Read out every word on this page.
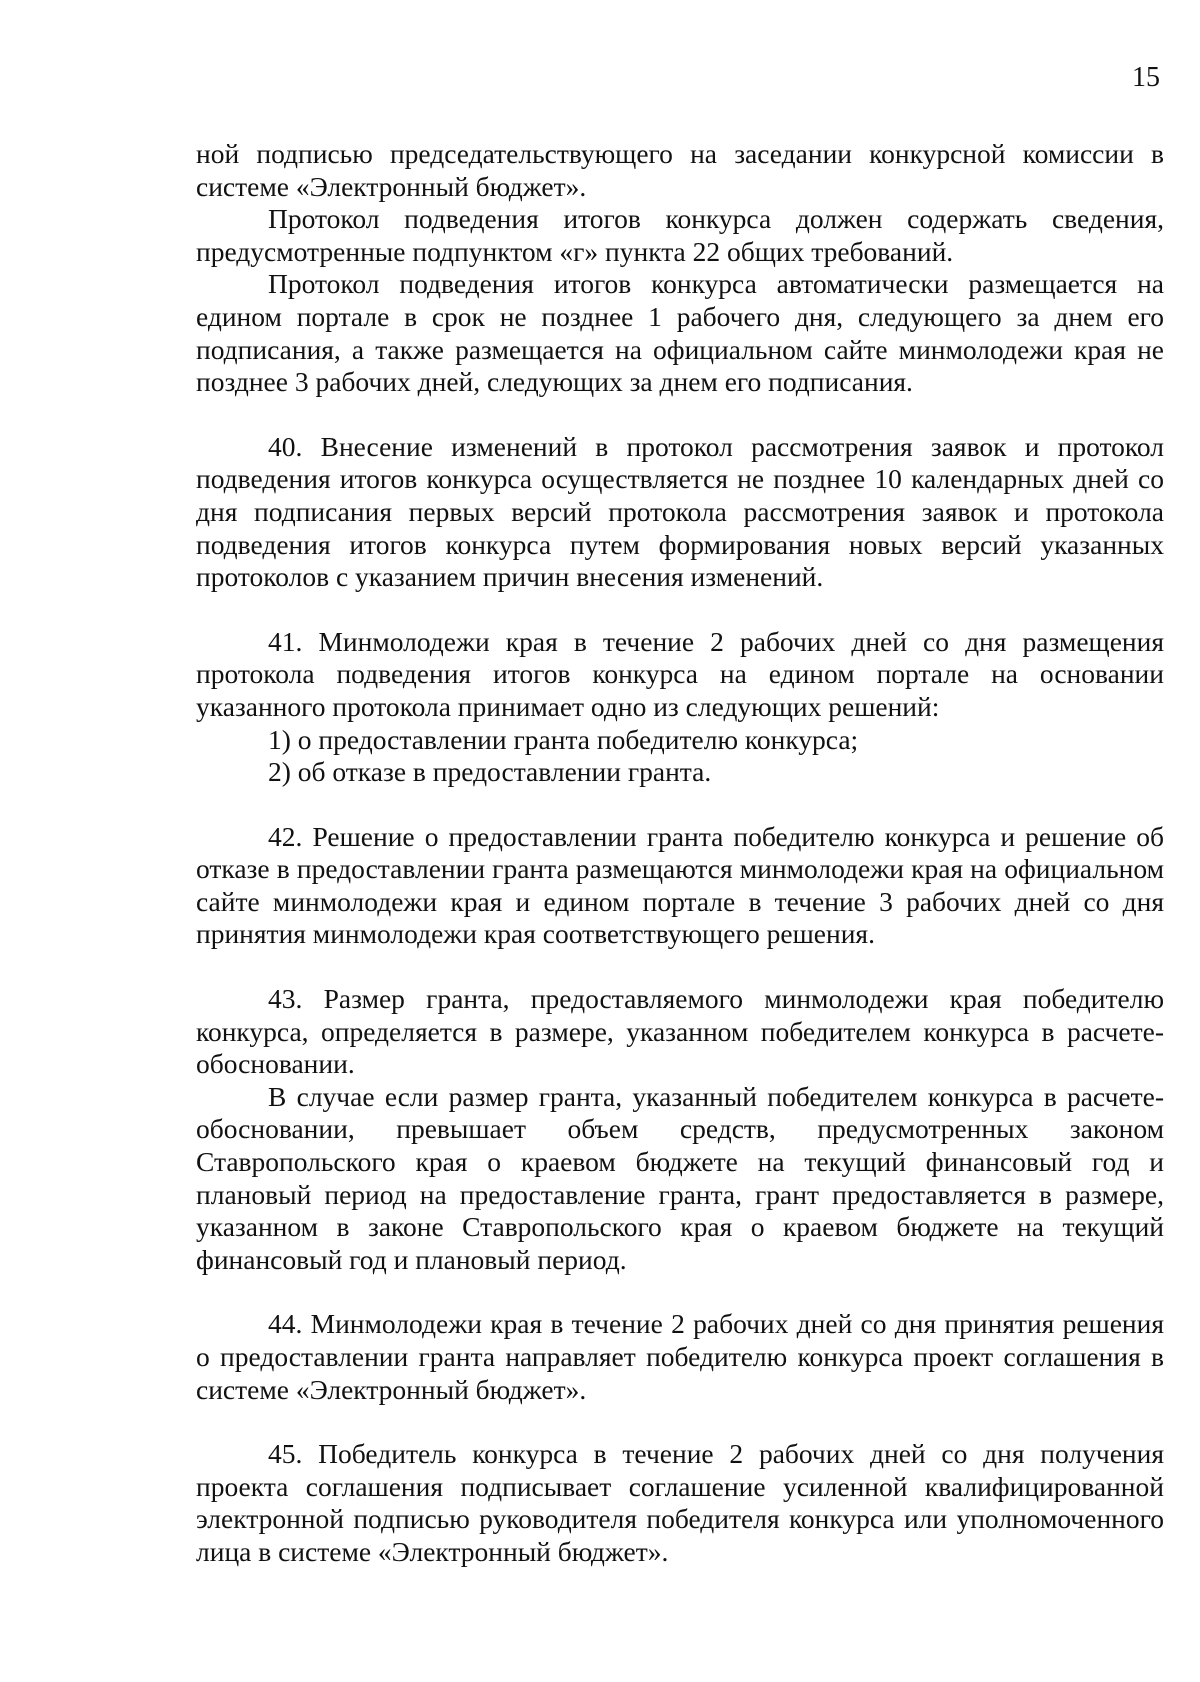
15

ной подписью председательствующего на заседании конкурсной комиссии в системе «Электронный бюджет».

Протокол подведения итогов конкурса должен содержать сведения, предусмотренные подпунктом «г» пункта 22 общих требований.

Протокол подведения итогов конкурса автоматически размещается на едином портале в срок не позднее 1 рабочего дня, следующего за днем его подписания, а также размещается на официальном сайте минмолодежи края не позднее 3 рабочих дней, следующих за днем его подписания.

40. Внесение изменений в протокол рассмотрения заявок и протокол подведения итогов конкурса осуществляется не позднее 10 календарных дней со дня подписания первых версий протокола рассмотрения заявок и протокола подведения итогов конкурса путем формирования новых версий указанных протоколов с указанием причин внесения изменений.

41. Минмолодежи края в течение 2 рабочих дней со дня размещения протокола подведения итогов конкурса на едином портале на основании указанного протокола принимает одно из следующих решений:

1) о предоставлении гранта победителю конкурса;

2) об отказе в предоставлении гранта.

42. Решение о предоставлении гранта победителю конкурса и решение об отказе в предоставлении гранта размещаются минмолодежи края на официальном сайте минмолодежи края и едином портале в течение 3 рабочих дней со дня принятия минмолодежи края соответствующего решения.

43. Размер гранта, предоставляемого минмолодежи края победителю конкурса, определяется в размере, указанном победителем конкурса в расчете-обосновании.

В случае если размер гранта, указанный победителем конкурса в расчете-обосновании, превышает объем средств, предусмотренных законом Ставропольского края о краевом бюджете на текущий финансовый год и плановый период на предоставление гранта, грант предоставляется в размере, указанном в законе Ставропольского края о краевом бюджете на текущий финансовый год и плановый период.

44. Минмолодежи края в течение 2 рабочих дней со дня принятия решения о предоставлении гранта направляет победителю конкурса проект соглашения в системе «Электронный бюджет».

45. Победитель конкурса в течение 2 рабочих дней со дня получения проекта соглашения подписывает соглашение усиленной квалифицированной электронной подписью руководителя победителя конкурса или уполномоченного лица в системе «Электронный бюджет».
